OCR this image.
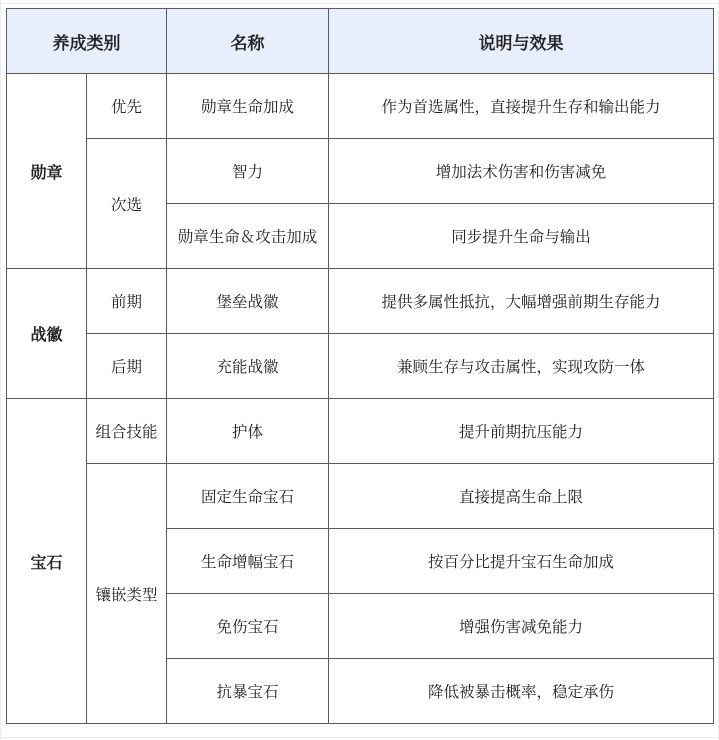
养成类别		名称	说明与效果
勋章	优先	勋章生命加成	作为首选属性，直接提升生存和输出能力
	次选	智力	增加法术伤害和伤害减免
		勋章生命＆攻击加成	同步提升生命与输出
战徽	前期	堡垒战徽	提供多属性抵抗，大幅增强前期生存能力
	后期	充能战徽	兼顾生存与攻击属性，实现攻防一体
宝石	组合技能	护体	提升前期抗压能力
	镶嵌类型	固定生命宝石	直接提高生命上限
		生命增幅宝石	按百分比提升宝石生命加成
		免伤宝石	增强伤害减免能力
		抗暴宝石	降低被暴击概率，稳定承伤
